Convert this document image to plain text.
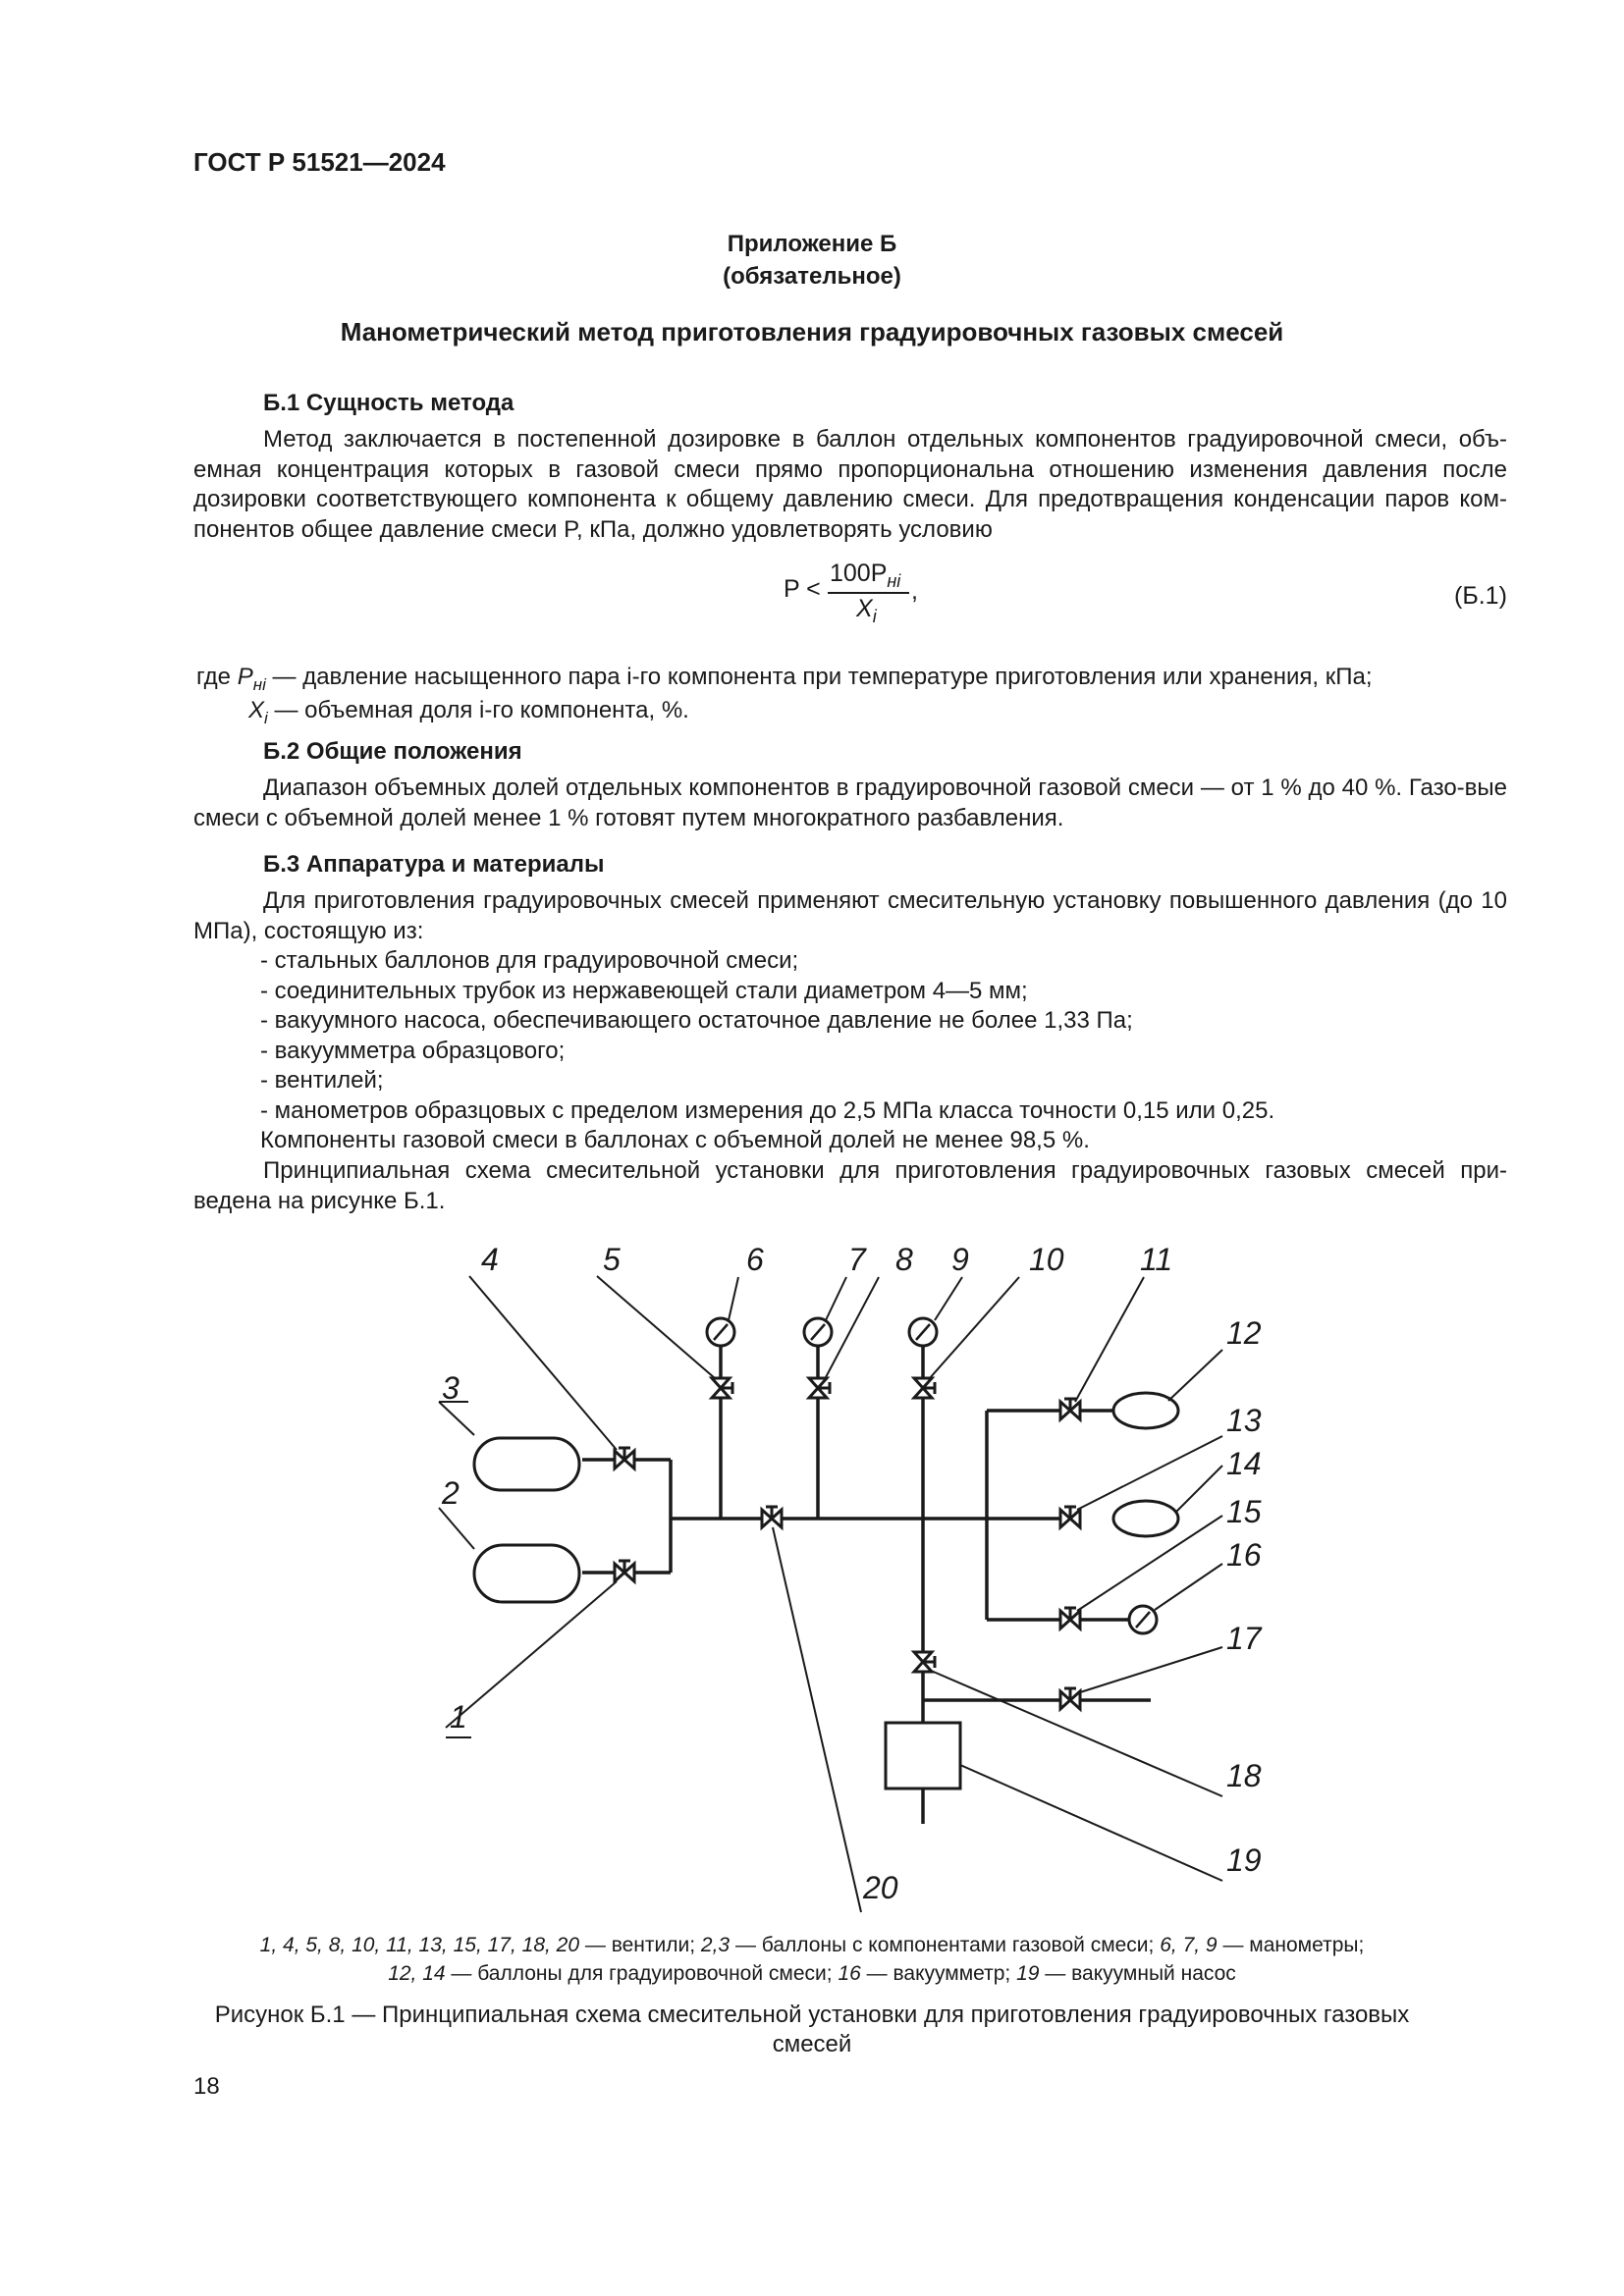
ГОСТ Р 51521—2024
Приложение Б
(обязательное)
Манометрический метод приготовления градуировочных газовых смесей
Б.1 Сущность метода
Метод заключается в постепенной дозировке в баллон отдельных компонентов градуировочной смеси, объ-емная концентрация которых в газовой смеси прямо пропорциональна отношению изменения давления после дозировки соответствующего компонента к общему давлению смеси. Для предотвращения конденсации паров ком-понентов общее давление смеси P, кПа, должно удовлетворять условию
P <
$100P_{нi}$
$X_i$
,	(Б.1)
где $P_{нi}$ — давление насыщенного пара i-го компонента при температуре приготовления или хранения, кПа;
$X_i$ — объемная доля i-го компонента, %.
Б.2 Общие положения
Диапазон объемных долей отдельных компонентов в градуировочной газовой смеси — от 1 % до 40 %. Газо-вые смеси с объемной долей менее 1 % готовят путем многократного разбавления.
Б.3 Аппаратура и материалы
Для приготовления градуировочных смесей применяют смесительную установку повышенного давления (до 10 МПа), состоящую из:
- стальных баллонов для градуировочной смеси;
- соединительных трубок из нержавеющей стали диаметром 4—5 мм;
- вакуумного насоса, обеспечивающего остаточное давление не более 1,33 Па;
- вакуумметра образцового;
- вентилей;
- манометров образцовых с пределом измерения до 2,5 МПа класса точности 0,15 или 0,25.
Компоненты газовой смеси в баллонах с объемной долей не менее 98,5 %.
Принципиальная схема смесительной установки для приготовления градуировочных газовых смесей при-ведена на рисунке Б.1.
1
2
3
4	5	6	7 8 9 10 11
12
13
14
15
16
17
18
19
20
1, 4, 5, 8, 10, 11, 13, 15, 17, 18, 20 — вентили; 2,3 — баллоны с компонентами газовой смеси; 6, 7, 9 — манометры;
12, 14 — баллоны для градуировочной смеси; 16 — вакуумметр; 19 — вакуумный насос
Рисунок Б.1 — Принципиальная схема смесительной установки для приготовления градуировочных газовых
смесей
18
